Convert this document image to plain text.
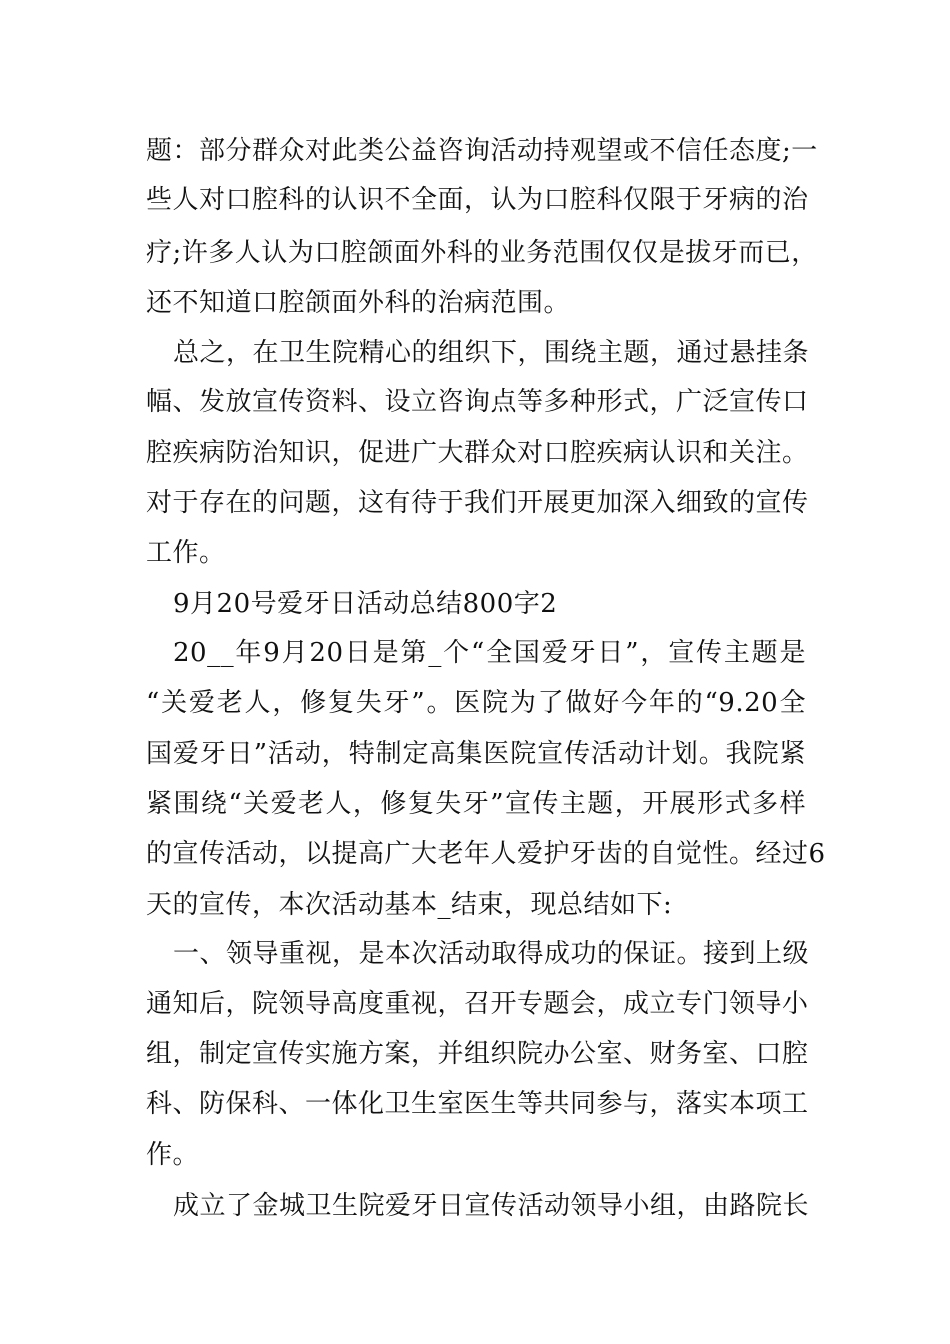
题：部分群众对此类公益咨询活动持观望或不信任态度;一
些人对口腔科的认识不全面，认为口腔科仅限于牙病的治
疗;许多人认为口腔颌面外科的业务范围仅仅是拔牙而已，
还不知道口腔颌面外科的治病范围。
总之，在卫生院精心的组织下，围绕主题，通过悬挂条
幅、发放宣传资料、设立咨询点等多种形式，广泛宣传口
腔疾病防治知识，促进广大群众对口腔疾病认识和关注。
对于存在的问题，这有待于我们开展更加深入细致的宣传
工作。
9月20号爱牙日活动总结800字2
20__年9月20日是第_个“全国爱牙日”，宣传主题是
“关爱老人，修复失牙”。医院为了做好今年的“9.20全
国爱牙日”活动，特制定高集医院宣传活动计划。我院紧
紧围绕“关爱老人，修复失牙”宣传主题，开展形式多样
的宣传活动，以提高广大老年人爱护牙齿的自觉性。经过6
天的宣传，本次活动基本_结束，现总结如下:
一、领导重视，是本次活动取得成功的保证。接到上级
通知后，院领导高度重视，召开专题会，成立专门领导小
组，制定宣传实施方案，并组织院办公室、财务室、口腔
科、防保科、一体化卫生室医生等共同参与，落实本项工
作。
成立了金城卫生院爱牙日宣传活动领导小组，由路院长
